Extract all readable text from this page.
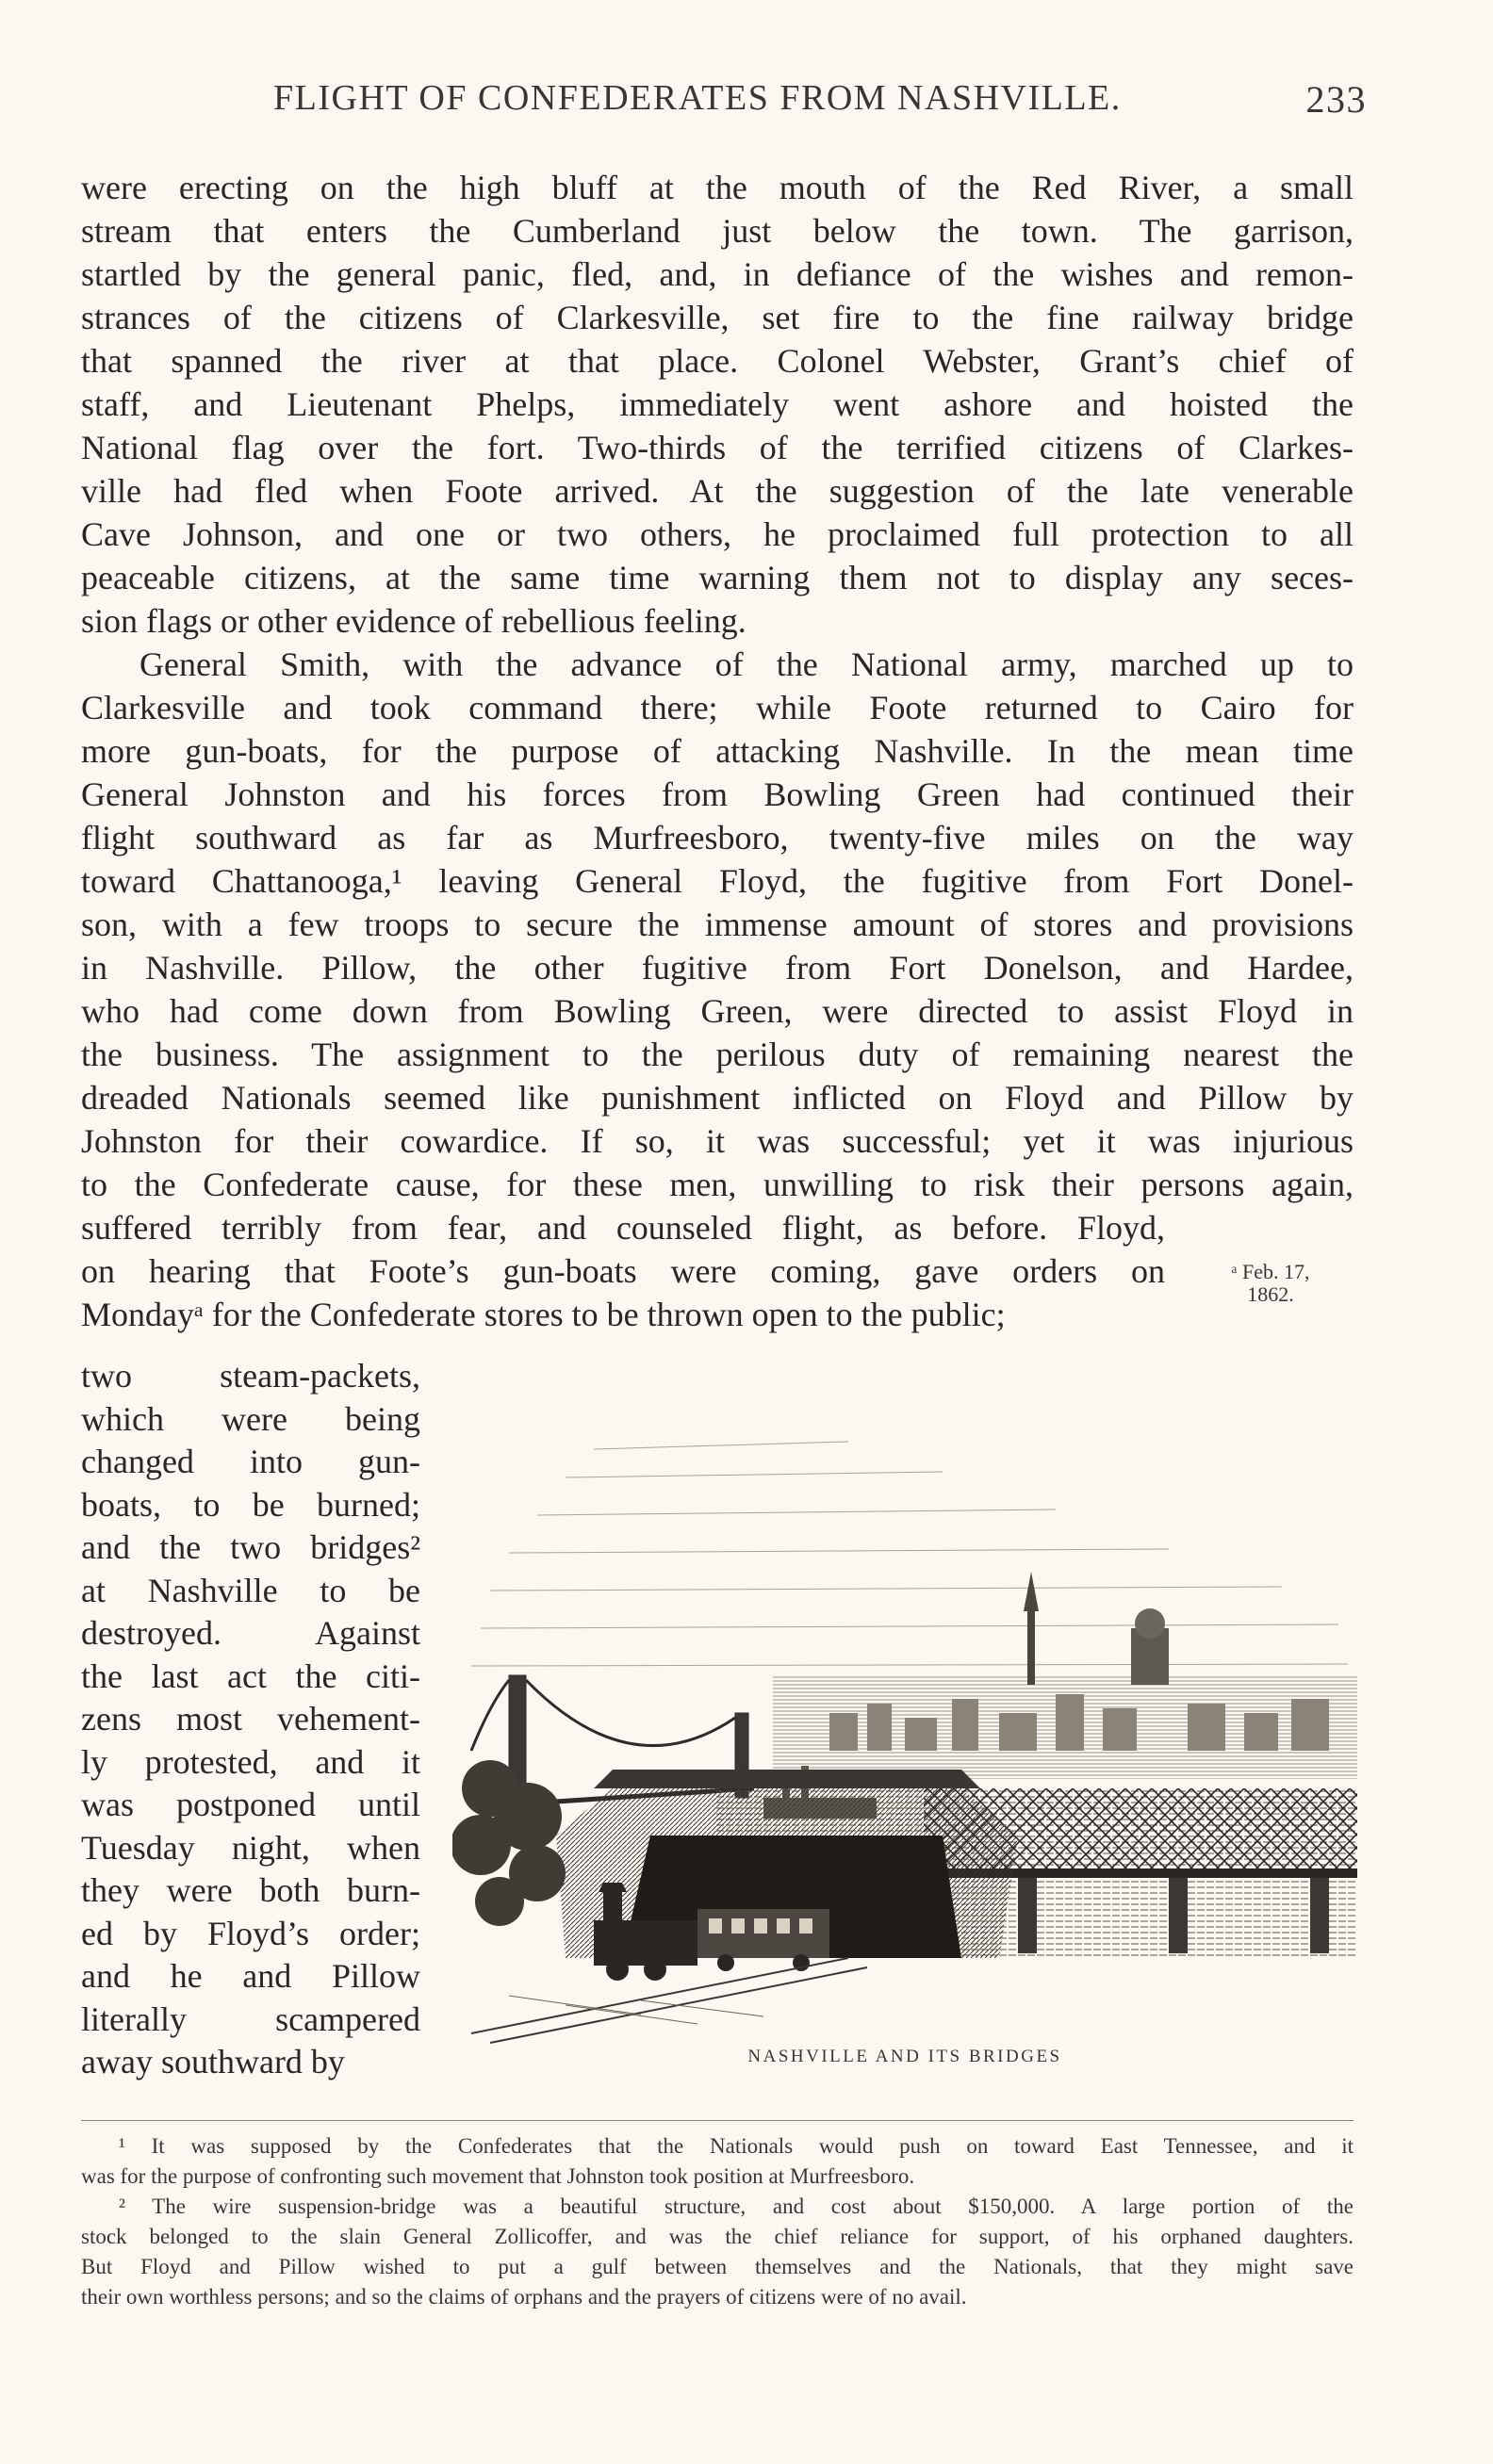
FLIGHT OF CONFEDERATES FROM NASHVILLE.	233
were erecting on the high bluff at the mouth of the Red River, a small
stream that enters the Cumberland just below the town. The garrison,
startled by the general panic, fled, and, in defiance of the wishes and remon-
strances of the citizens of Clarkesville, set fire to the fine railway bridge
that spanned the river at that place. Colonel Webster, Grant’s chief of
staff, and Lieutenant Phelps, immediately went ashore and hoisted the
National flag over the fort. Two-thirds of the terrified citizens of Clarkes-
ville had fled when Foote arrived. At the suggestion of the late venerable
Cave Johnson, and one or two others, he proclaimed full protection to all
peaceable citizens, at the same time warning them not to display any seces-
sion flags or other evidence of rebellious feeling.
General Smith, with the advance of the National army, marched up to
Clarkesville and took command there; while Foote returned to Cairo for
more gun-boats, for the purpose of attacking Nashville. In the mean time
General Johnston and his forces from Bowling Green had continued their
flight southward as far as Murfreesboro, twenty-five miles on the way
toward Chattanooga,¹ leaving General Floyd, the fugitive from Fort Donel-
son, with a few troops to secure the immense amount of stores and provisions
in Nashville. Pillow, the other fugitive from Fort Donelson, and Hardee,
who had come down from Bowling Green, were directed to assist Floyd in
the business. The assignment to the perilous duty of remaining nearest the
dreaded Nationals seemed like punishment inflicted on Floyd and Pillow by
Johnston for their cowardice. If so, it was successful; yet it was injurious
to the Confederate cause, for these men, unwilling to risk their persons again,
suffered terribly from fear, and counseled flight, as before. Floyd,
on hearing that Foote’s gun-boats were coming, gave orders on
Mondayᵃ for the Confederate stores to be thrown open to the public;
ᵃ Feb. 17,
1862.
two steam-packets,
which were being
changed into gun-
boats, to be burned;
and the two bridges²
at Nashville to be
destroyed. Against
the last act the citi-
zens most vehement-
ly protested, and it
was postponed until
Tuesday night, when
they were both burn-
ed by Floyd’s order;
and he and Pillow
literally scampered
away southward by	NASHVILLE AND ITS BRIDGES
¹ It was supposed by the Confederates that the Nationals would push on toward East Tennessee, and it
was for the purpose of confronting such movement that Johnston took position at Murfreesboro.
² The wire suspension-bridge was a beautiful structure, and cost about $150,000. A large portion of the
stock belonged to the slain General Zollicoffer, and was the chief reliance for support, of his orphaned daughters.
But Floyd and Pillow wished to put a gulf between themselves and the Nationals, that they might save
their own worthless persons; and so the claims of orphans and the prayers of citizens were of no avail.
